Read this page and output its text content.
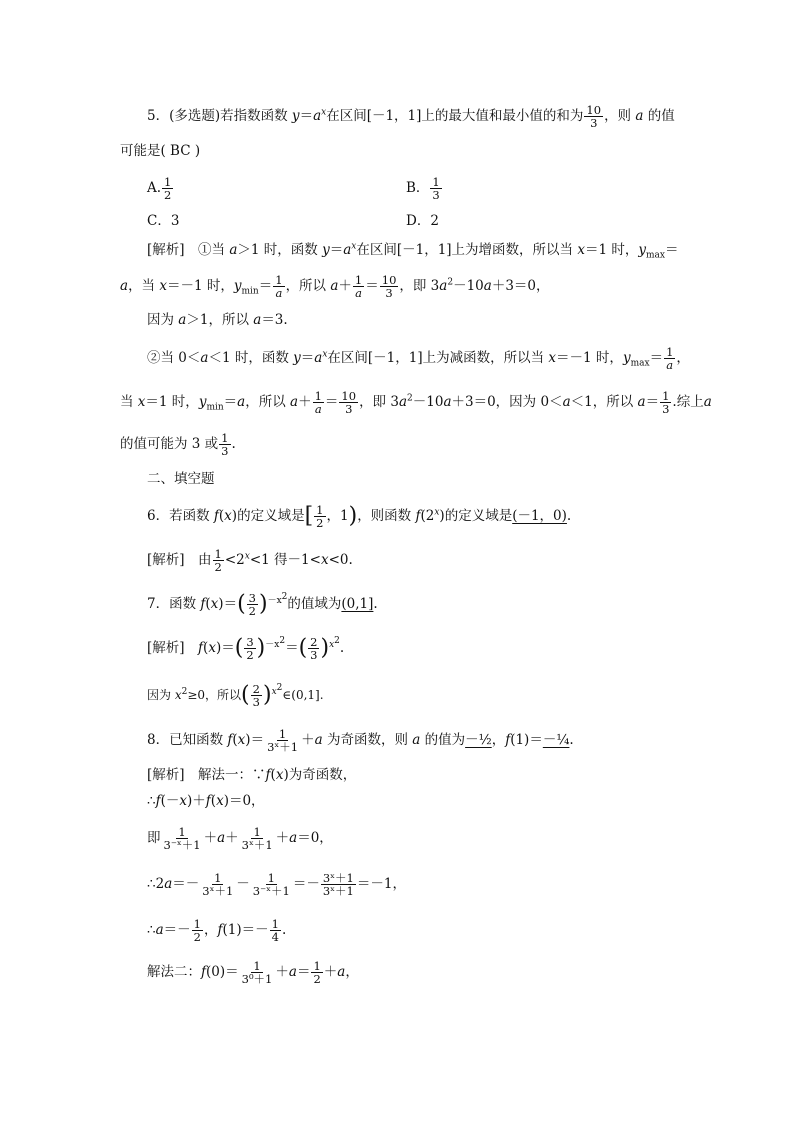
5．(多选题)若指数函数 $y=a^x$在区间[－1，1]上的最大值和最小值的和为 $\frac{10}{3}$ ，则 a 的值
可能是( BC )
A. $\frac{1}{2}$	B． $\frac{1}{3}$
C．3	D．2
[解析]　①当 a＞1 时，函数 $y=a^x$在区间[－1，1]上为增函数，所以当 x＝1 时，$y_{max}=$
a，当 x＝－1 时，$y_{min}= \frac{1}{a}$ ，所以 $a+ \frac{1}{a} = \frac{10}{3}$ ，即 $3a^2-10a+3=0$，
因为 a＞1，所以 a＝3.
②当 0＜a＜1 时，函数 $y=a^x$在区间[－1，1]上为减函数，所以当 x＝－1 时，$y_{max}= \frac{1}{a}$ ，
当 x＝1 时，$y_{min}=a$，所以 $a+ \frac{1}{a} = \frac{10}{3}$ ，即 $3a^2-10a+3=0$，因为 0＜a＜1，所以 $a= \frac{1}{3}$ .综上a
的值可能为 3 或 $\frac{1}{3}$ .
二、填空题
6．若函数 f(x)的定义域是[ $\frac{1}{2}$ ，1)，则函数 f(2$^x$)的定义域是(－1，0).
[解析]　由 $\frac{1}{2} <2^x<1$ 得－1<x<0.
7．函数 $f(x)=( \frac{3}{2} )^{-x^2}$的值域为(0,1].
[解析]　$f(x)=( \frac{3}{2} )^{-x^2}=( \frac{2}{3} )^{x^2}$.
因为 $x^2\ge 0$，所以( $\frac{2}{3}$ )$^{x^2}$∈(0,1].
8．已知函数 $f(x)= \frac{1}{\text{3ˣ＋1}} +a$ 为奇函数，则 a 的值为－½，f(1)＝－¼.
[解析]　解法一：∵f(x)为奇函数，
∴f(－x)＋f(x)＝0，
即 $\frac{1}{\text{3⁻ˣ＋1}} +a+ \frac{1}{\text{3ˣ＋1}} +a=0$，
∴2a＝－ $\frac{1}{\text{3ˣ＋1}} - \frac{1}{\text{3⁻ˣ＋1}} =- \frac{\text{3ˣ＋1}}{\text{3ˣ＋1}} =-1$，
∴a＝－ $\frac{1}{2}$ ，$f(1)=- \frac{1}{4}$ .
解法二：$f(0)= \frac{1}{\text{3⁰＋1}} +a= \frac{1}{2} +a$，
